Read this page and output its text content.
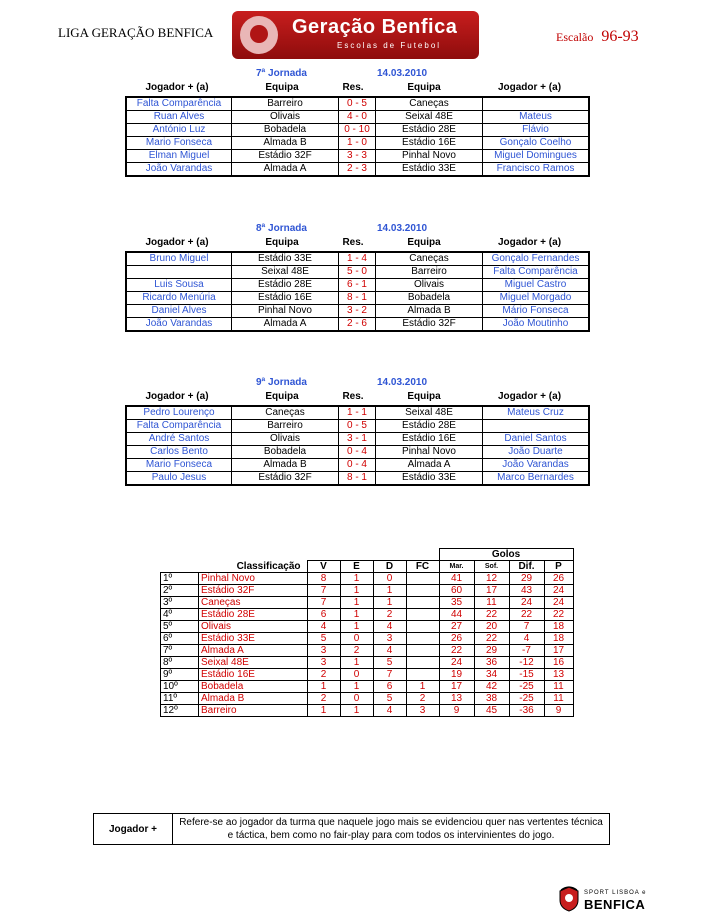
LIGA GERAÇÃO BENFICA	Geração Benfica
Escolas de Futebol
Escalão 96-93
7ª Jornada	14.03.2010
Jogador + (a)	Equipa	Res.	Equipa	Jogador + (a)
Falta Comparência	Barreiro	0 - 5	Caneças	
Ruan Alves	Olivais	4 - 0	Seixal 48E	Mateus
António Luz	Bobadela	0 - 10	Estádio 28E	Flávio
Mario Fonseca	Almada B	1 - 0	Estádio 16E	Gonçalo Coelho
Elman Miguel	Estádio 32F	3 - 3	Pinhal Novo	Miguel Domingues
João Varandas	Almada A	2 - 3	Estádio 33E	Francisco Ramos
8ª Jornada	14.03.2010
Jogador + (a)	Equipa	Res.	Equipa	Jogador + (a)
Bruno Miguel	Estádio 33E	1 - 4	Caneças	Gonçalo Fernandes
	Seixal 48E	5 - 0	Barreiro	Falta Comparência
Luis Sousa	Estádio 28E	6 - 1	Olivais	Miguel Castro
Ricardo Menúria	Estádio 16E	8 - 1	Bobadela	Miguel Morgado
Daniel Alves	Pinhal Novo	3 - 2	Almada B	Mário Fonseca
João Varandas	Almada A	2 - 6	Estádio 32F	João Moutinho
9ª Jornada	14.03.2010
Jogador + (a)	Equipa	Res.	Equipa	Jogador + (a)
Pedro Lourenço	Caneças	1 - 1	Seixal 48E	Mateus Cruz
Falta Comparência	Barreiro	0 - 5	Estádio 28E	
André Santos	Olivais	3 - 1	Estádio 16E	Daniel Santos
Carlos Bento	Bobadela	0 - 4	Pinhal Novo	João Duarte
Mario Fonseca	Almada B	0 - 4	Almada A	João Varandas
Paulo Jesus	Estádio 32F	8 - 1	Estádio 33E	Marco Bernardes
						Golos				
	Classificação	V	E	D	FC	Mar.	Sof.	Dif.	P	
1º	Pinhal Novo	8	1	0		41	12	29	26	
2º	Estádio 32F	7	1	1		60	17	43	24	
3º	Caneças	7	1	1		35	11	24	24	
4º	Estádio 28E	6	1	2		44	22	22	22	
5º	Olivais	4	1	4		27	20	7	18	
6º	Estádio 33E	5	0	3		26	22	4	18	
7º	Almada A	3	2	4		22	29	-7	17	
8º	Seixal 48E	3	1	5		24	36	-12	16	
9º	Estádio 16E	2	0	7		19	34	-15	13	
10º	Bobadela	1	1	6	1	17	42	-25	11	
11º	Almada B	2	0	5	2	13	38	-25	11	
12º	Barreiro	1	1	4	3	9	45	-36	9	
Jogador +	Refere-se ao jogador da turma que naquele jogo mais se evidenciou quer nas vertentes técnica e táctica, bem como no fair-play para com todos os intervinientes do jogo.
SPORT LISBOA e
BENFICA
